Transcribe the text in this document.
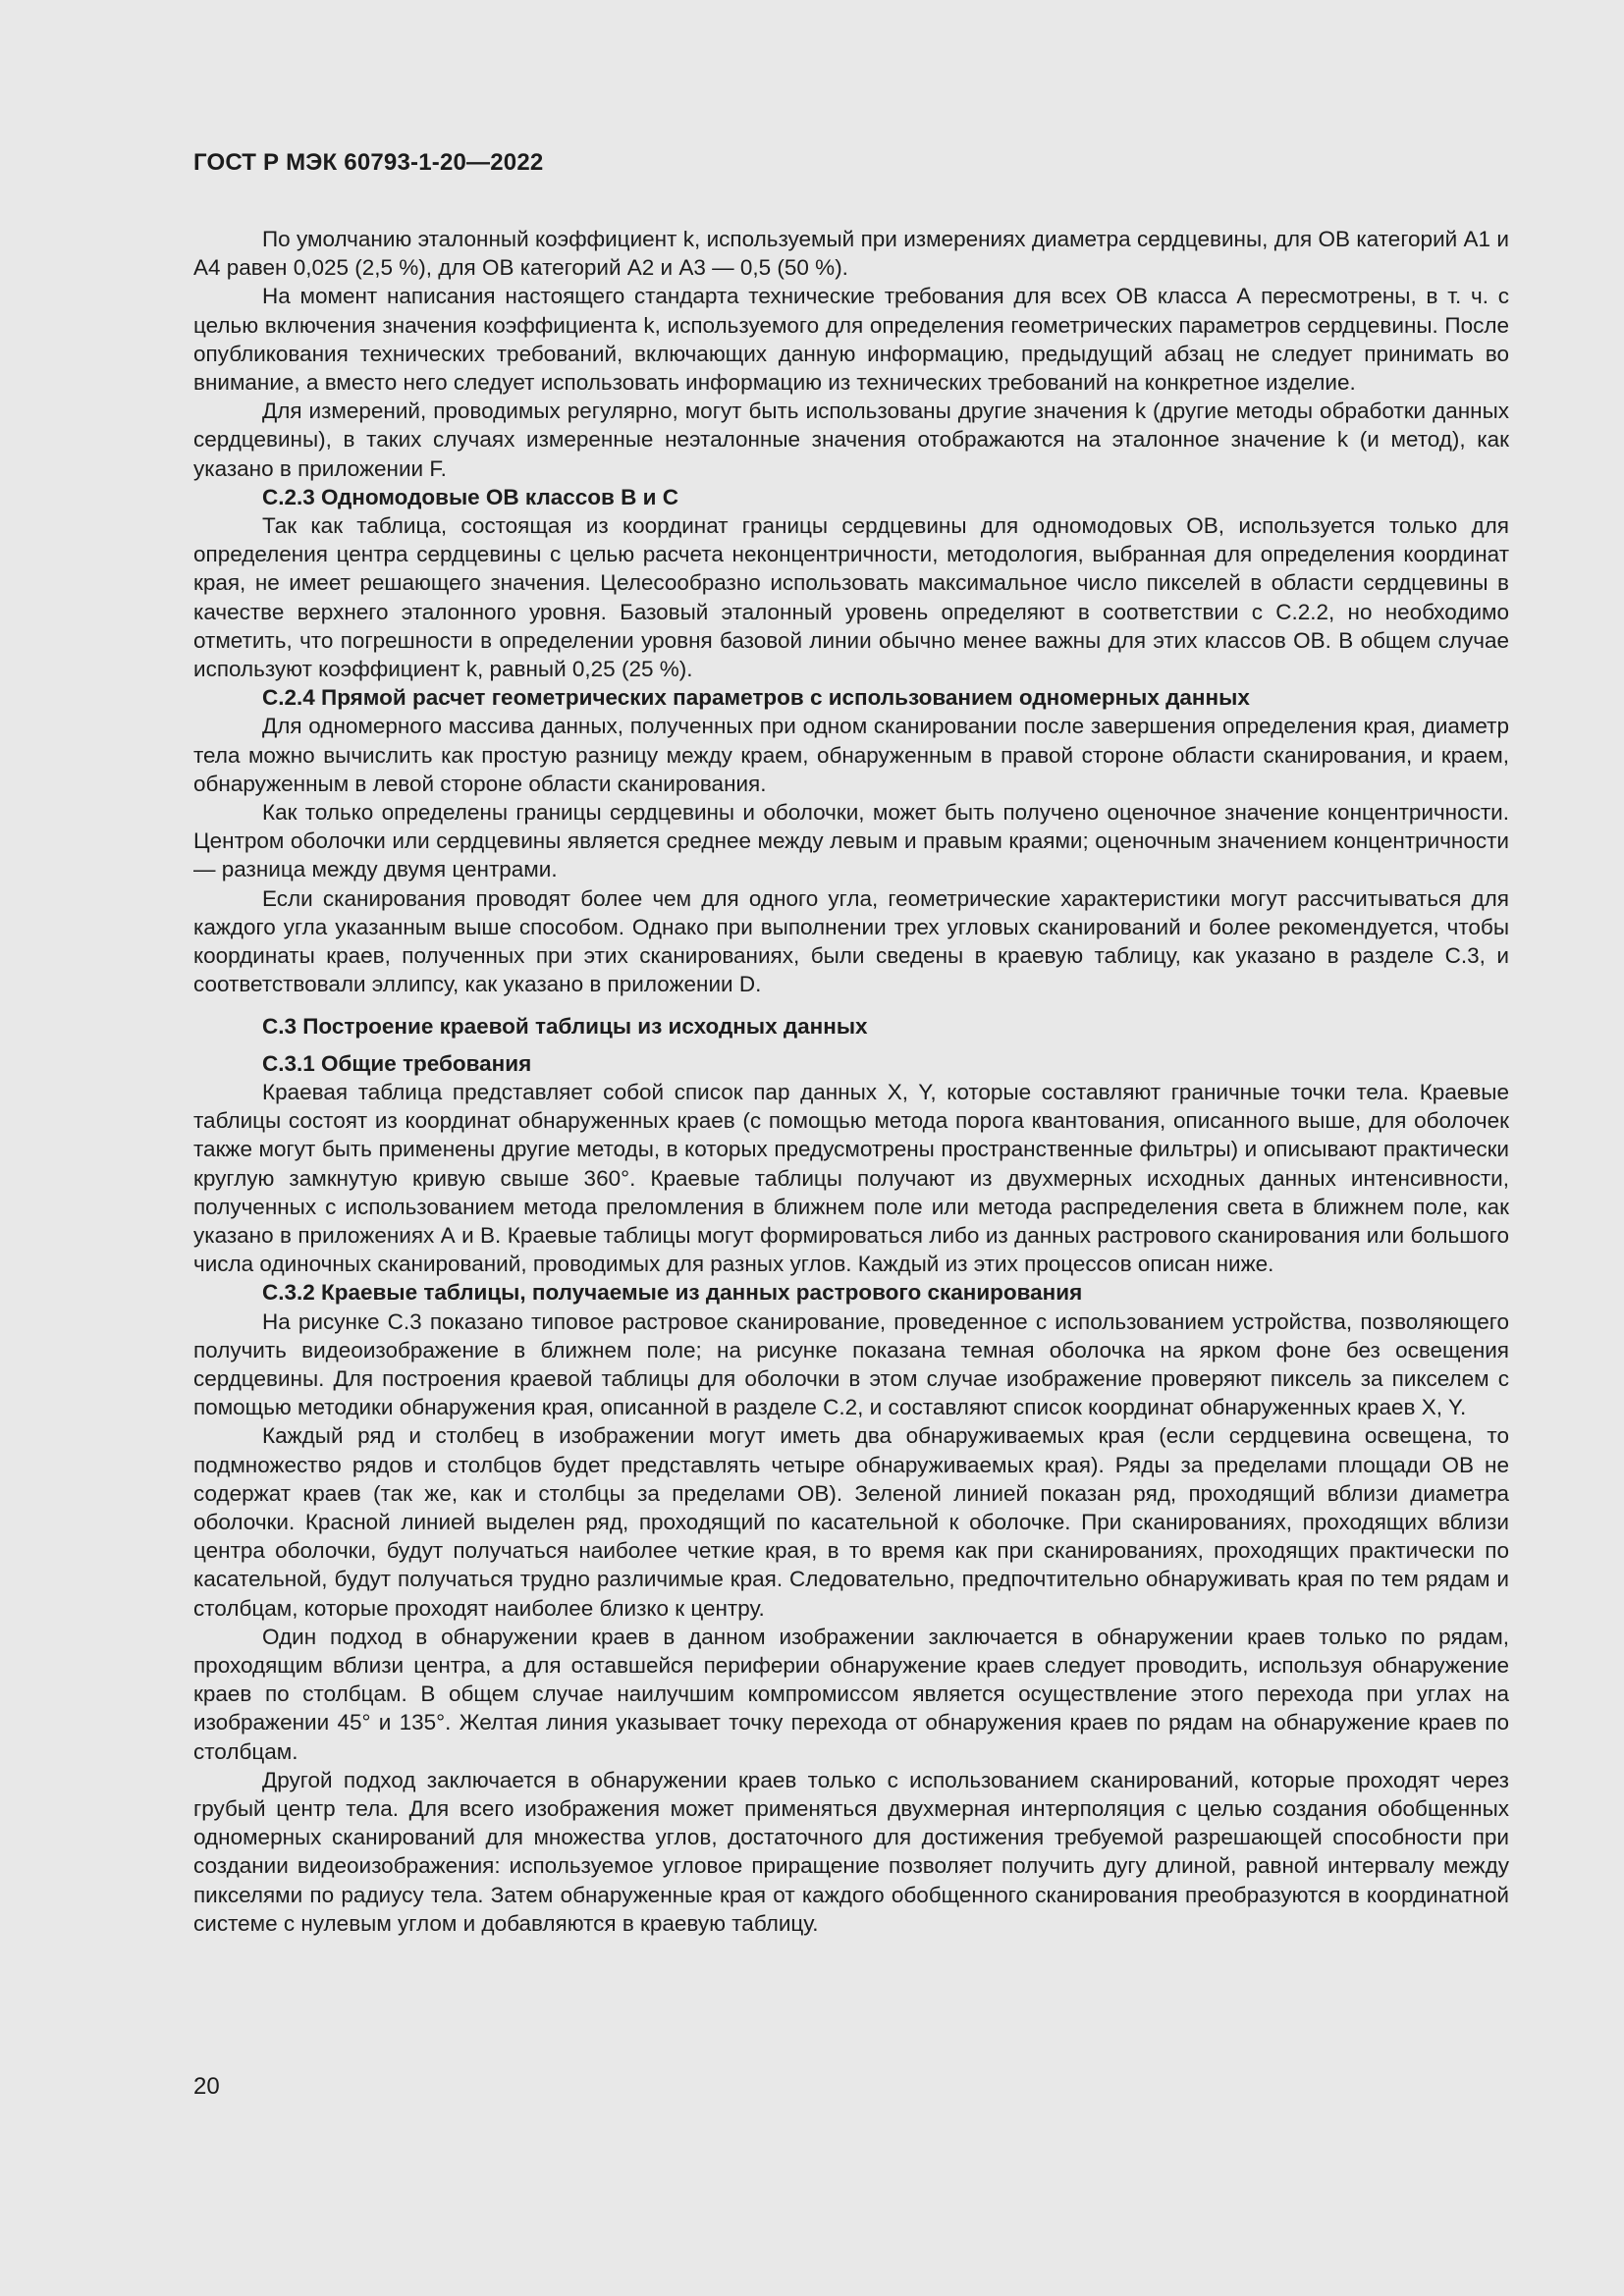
ГОСТ Р МЭК 60793-1-20—2022

По умолчанию эталонный коэффициент k, используемый при измерениях диаметра сердцевины, для ОВ категорий А1 и А4 равен 0,025 (2,5 %), для ОВ категорий А2 и А3 — 0,5 (50 %).

На момент написания настоящего стандарта технические требования для всех ОВ класса А пересмотрены, в т. ч. с целью включения значения коэффициента k, используемого для определения геометрических параметров сердцевины. После опубликования технических требований, включающих данную информацию, предыдущий абзац не следует принимать во внимание, а вместо него следует использовать информацию из технических требований на конкретное изделие.

Для измерений, проводимых регулярно, могут быть использованы другие значения k (другие методы обработки данных сердцевины), в таких случаях измеренные неэталонные значения отображаются на эталонное значение k (и метод), как указано в приложении F.

С.2.3 Одномодовые ОВ классов В и С

Так как таблица, состоящая из координат границы сердцевины для одномодовых ОВ, используется только для определения центра сердцевины с целью расчета неконцентричности, методология, выбранная для определения координат края, не имеет решающего значения. Целесообразно использовать максимальное число пикселей в области сердцевины в качестве верхнего эталонного уровня. Базовый эталонный уровень определяют в соответствии с С.2.2, но необходимо отметить, что погрешности в определении уровня базовой линии обычно менее важны для этих классов ОВ. В общем случае используют коэффициент k, равный 0,25 (25 %).

С.2.4 Прямой расчет геометрических параметров с использованием одномерных данных

Для одномерного массива данных, полученных при одном сканировании после завершения определения края, диаметр тела можно вычислить как простую разницу между краем, обнаруженным в правой стороне области сканирования, и краем, обнаруженным в левой стороне области сканирования.

Как только определены границы сердцевины и оболочки, может быть получено оценочное значение концентричности. Центром оболочки или сердцевины является среднее между левым и правым краями; оценочным значением концентричности — разница между двумя центрами.

Если сканирования проводят более чем для одного угла, геометрические характеристики могут рассчитываться для каждого угла указанным выше способом. Однако при выполнении трех угловых сканирований и более рекомендуется, чтобы координаты краев, полученных при этих сканированиях, были сведены в краевую таблицу, как указано в разделе С.3, и соответствовали эллипсу, как указано в приложении D.

С.3 Построение краевой таблицы из исходных данных
С.3.1 Общие требования

Краевая таблица представляет собой список пар данных X, Y, которые составляют граничные точки тела. Краевые таблицы состоят из координат обнаруженных краев (с помощью метода порога квантования, описанного выше, для оболочек также могут быть применены другие методы, в которых предусмотрены пространственные фильтры) и описывают практически круглую замкнутую кривую свыше 360°. Краевые таблицы получают из двухмерных исходных данных интенсивности, полученных с использованием метода преломления в ближнем поле или метода распределения света в ближнем поле, как указано в приложениях А и В. Краевые таблицы могут формироваться либо из данных растрового сканирования или большого числа одиночных сканирований, проводимых для разных углов. Каждый из этих процессов описан ниже.

С.3.2 Краевые таблицы, получаемые из данных растрового сканирования

На рисунке С.3 показано типовое растровое сканирование, проведенное с использованием устройства, позволяющего получить видеоизображение в ближнем поле; на рисунке показана темная оболочка на ярком фоне без освещения сердцевины. Для построения краевой таблицы для оболочки в этом случае изображение проверяют пиксель за пикселем с помощью методики обнаружения края, описанной в разделе С.2, и составляют список координат обнаруженных краев X, Y.

Каждый ряд и столбец в изображении могут иметь два обнаруживаемых края (если сердцевина освещена, то подмножество рядов и столбцов будет представлять четыре обнаруживаемых края). Ряды за пределами площади ОВ не содержат краев (так же, как и столбцы за пределами ОВ). Зеленой линией показан ряд, проходящий вблизи диаметра оболочки. Красной линией выделен ряд, проходящий по касательной к оболочке. При сканированиях, проходящих вблизи центра оболочки, будут получаться наиболее четкие края, в то время как при сканированиях, проходящих практически по касательной, будут получаться трудно различимые края. Следовательно, предпочтительно обнаруживать края по тем рядам и столбцам, которые проходят наиболее близко к центру.

Один подход в обнаружении краев в данном изображении заключается в обнаружении краев только по рядам, проходящим вблизи центра, а для оставшейся периферии обнаружение краев следует проводить, используя обнаружение краев по столбцам. В общем случае наилучшим компромиссом является осуществление этого перехода при углах на изображении 45° и 135°. Желтая линия указывает точку перехода от обнаружения краев по рядам на обнаружение краев по столбцам.

Другой подход заключается в обнаружении краев только с использованием сканирований, которые проходят через грубый центр тела. Для всего изображения может применяться двухмерная интерполяция с целью создания обобщенных одномерных сканирований для множества углов, достаточного для достижения требуемой разрешающей способности при создании видеоизображения: используемое угловое приращение позволяет получить дугу длиной, равной интервалу между пикселями по радиусу тела. Затем обнаруженные края от каждого обобщенного сканирования преобразуются в координатной системе с нулевым углом и добавляются в краевую таблицу.

20
